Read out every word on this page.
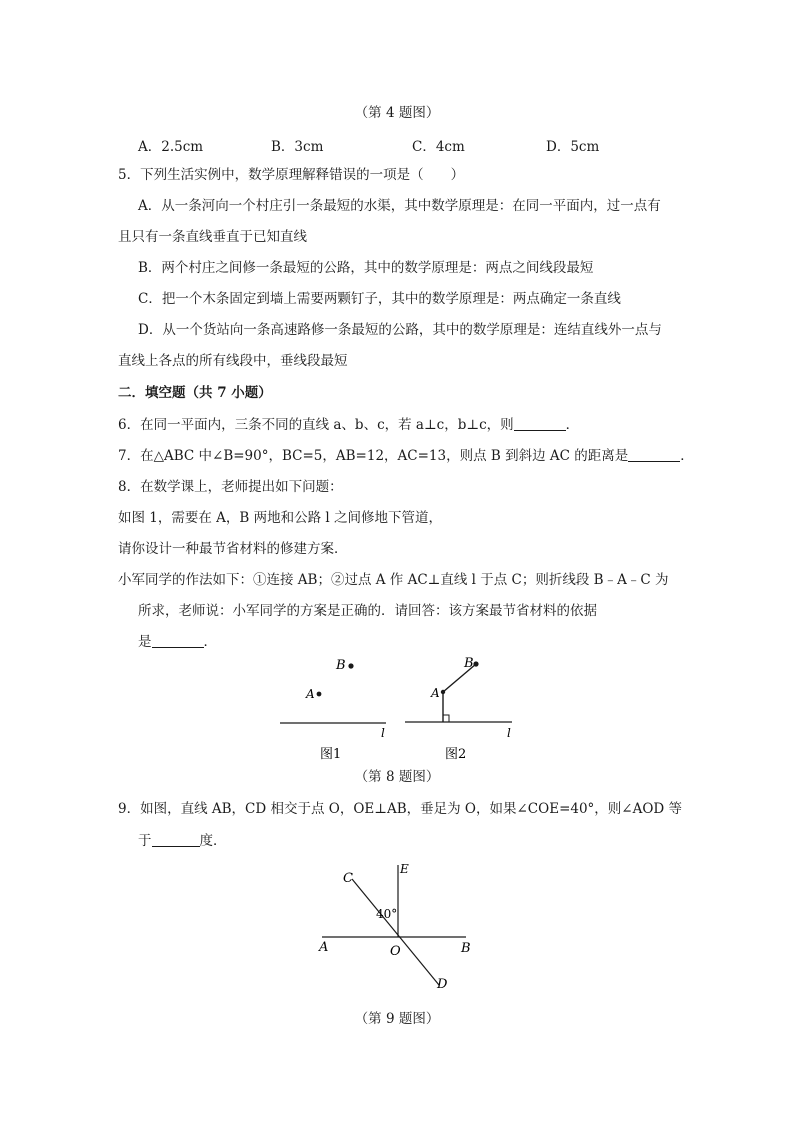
（第 4 题图）
A．2.5cm	B．3cm	C．4cm	D．5cm
5．下列生活实例中，数学原理解释错误的一项是（　　）
A．从一条河向一个村庄引一条最短的水渠，其中数学原理是：在同一平面内，过一点有
且只有一条直线垂直于已知直线
B．两个村庄之间修一条最短的公路，其中的数学原理是：两点之间线段最短
C．把一个木条固定到墙上需要两颗钉子，其中的数学原理是：两点确定一条直线
D．从一个货站向一条高速路修一条最短的公路，其中的数学原理是：连结直线外一点与
直线上各点的所有线段中，垂线段最短
二．填空题（共 7 小题）
6．在同一平面内，三条不同的直线 a、b、c，若 a⊥c，b⊥c，则	．
7．在△ABC 中∠B=90°，BC=5，AB=12，AC=13，则点 B 到斜边 AC 的距离是	．
8．在数学课上，老师提出如下问题：
如图 1，需要在 A，B 两地和公路 l 之间修地下管道，
请你设计一种最节省材料的修建方案．
小军同学的作法如下：①连接 AB；②过点 A 作 AC⊥直线 l 于点 C；则折线段 B﹣A﹣C 为
所求，老师说：小军同学的方案是正确的．请回答：该方案最节省材料的依据
是	．
B
A
l
图1
B
A
l
图2
（第 8 题图）
9．如图，直线 AB，CD 相交于点 O，OE⊥AB，垂足为 O，如果∠COE=40°，则∠AOD 等
于	度．
C
E
40°
A	O	B
D
（第 9 题图）
